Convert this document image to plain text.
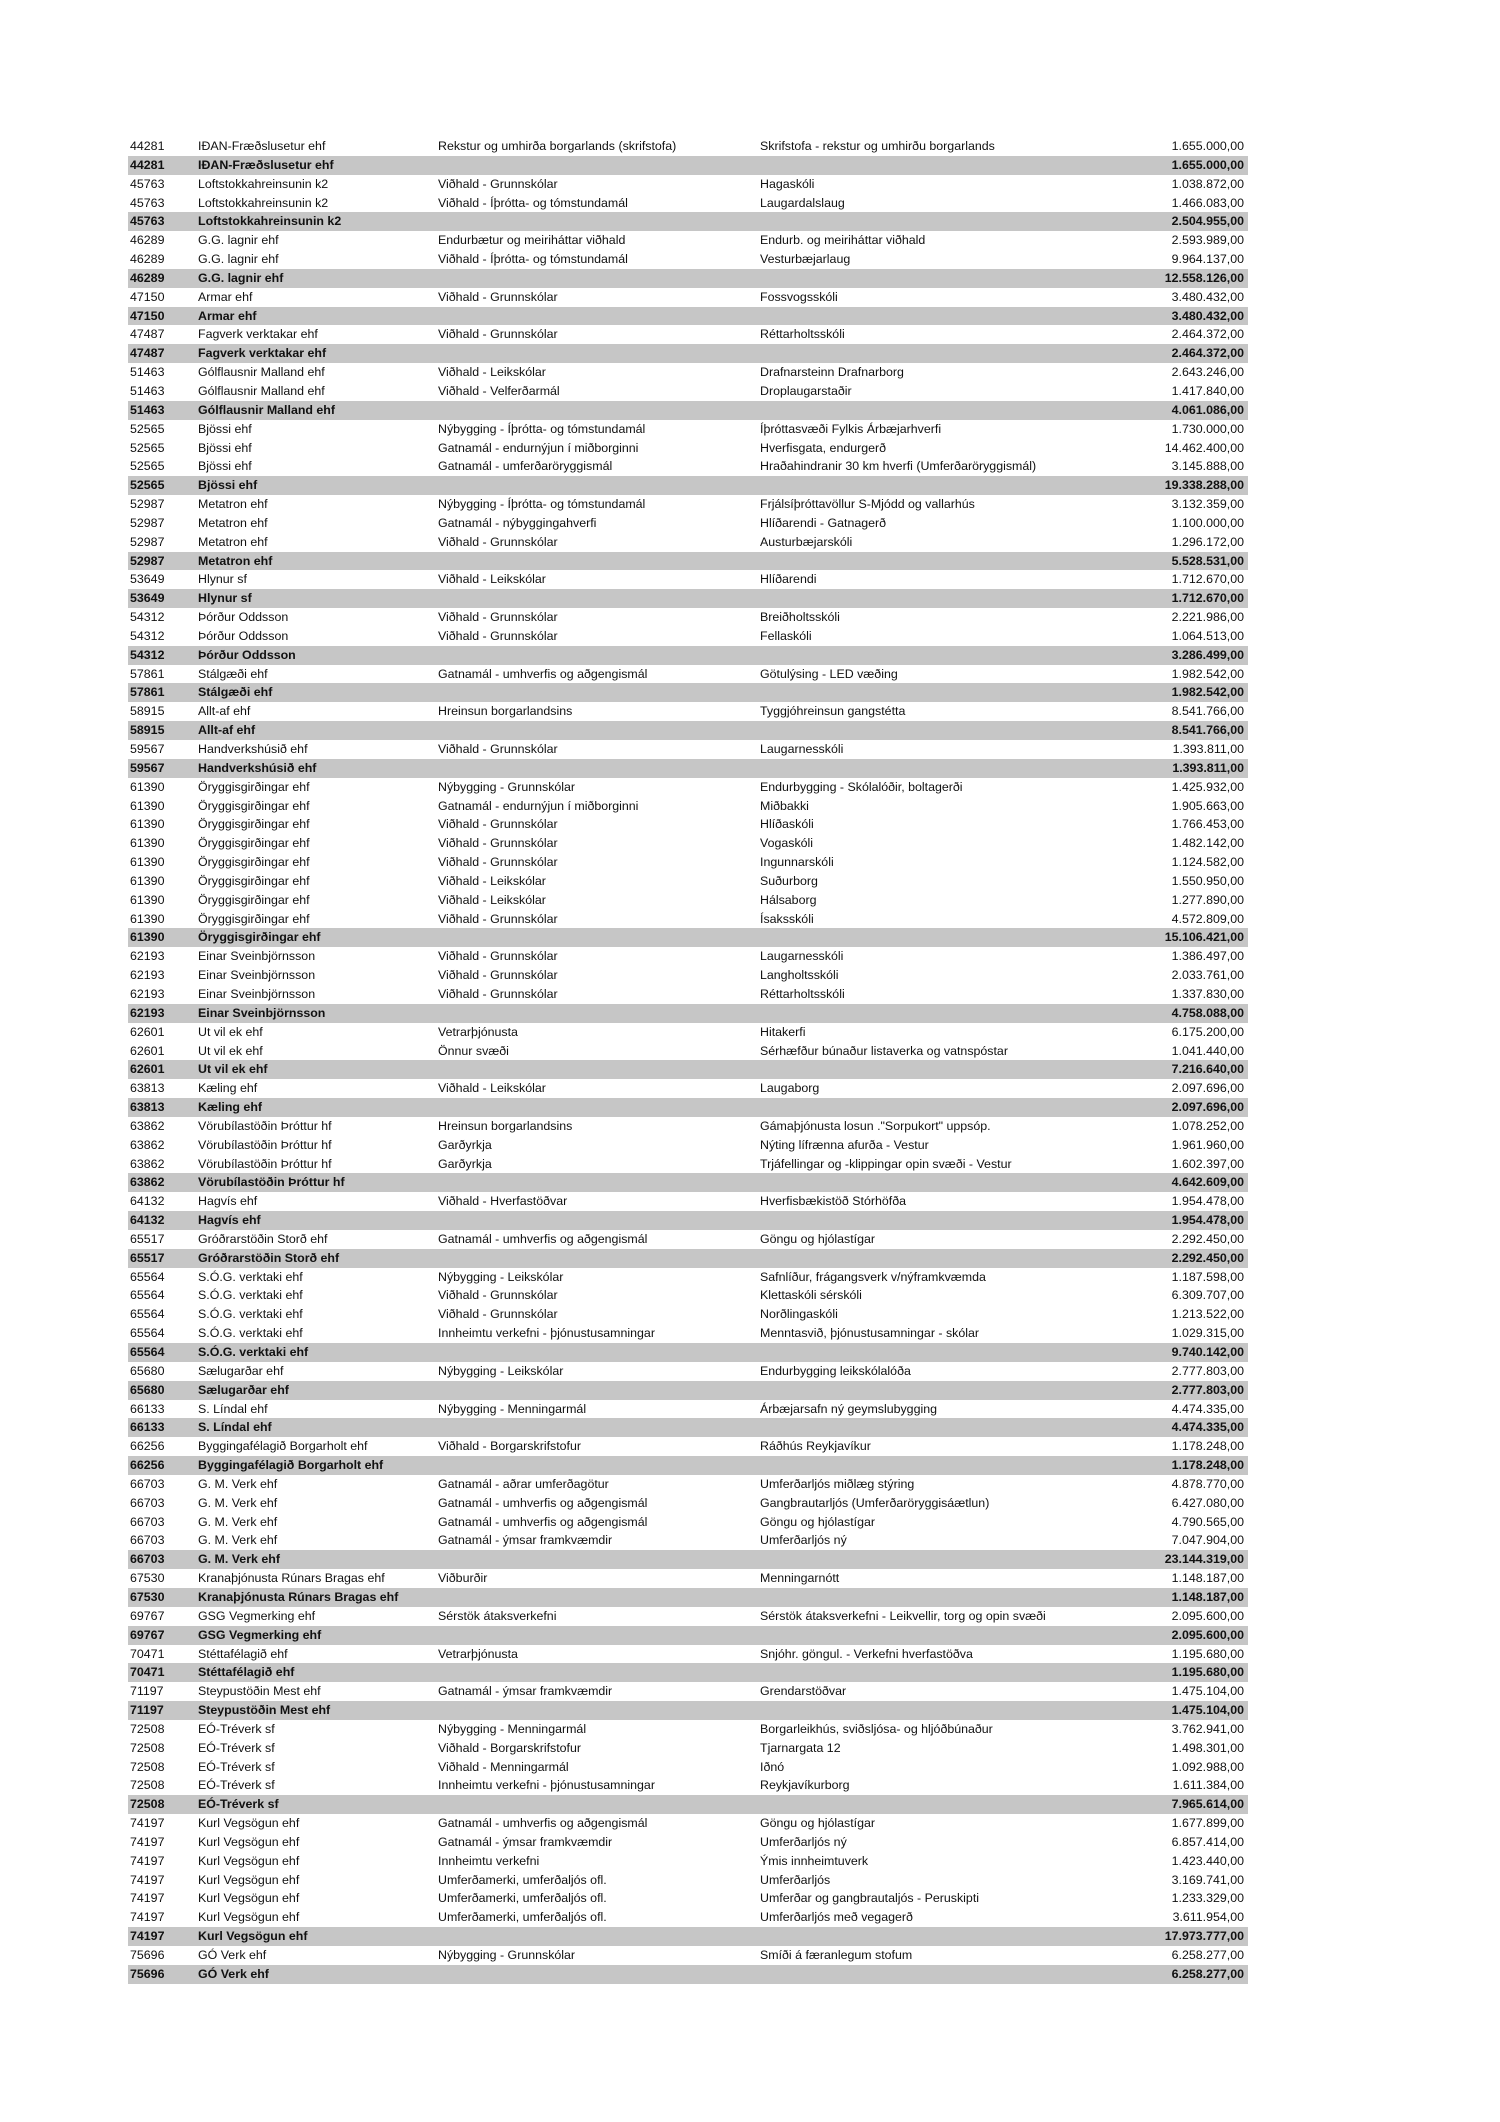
44281	IÐAN-Fræðslusetur ehf	Rekstur og umhirða borgarlands (skrifstofa)	Skrifstofa - rekstur og umhirðu borgarlands	1.655.000,00
44281	IÐAN-Fræðslusetur ehf			1.655.000,00
45763	Loftstokkahreinsunin k2	Viðhald - Grunnskólar	Hagaskóli	1.038.872,00
45763	Loftstokkahreinsunin k2	Viðhald - Íþrótta- og tómstundamál	Laugardalslaug	1.466.083,00
45763	Loftstokkahreinsunin k2			2.504.955,00
46289	G.G. lagnir ehf	Endurbætur og meiriháttar viðhald	Endurb. og meiriháttar viðhald	2.593.989,00
46289	G.G. lagnir ehf	Viðhald - Íþrótta- og tómstundamál	Vesturbæjarlaug	9.964.137,00
46289	G.G. lagnir ehf			12.558.126,00
47150	Armar ehf	Viðhald - Grunnskólar	Fossvogsskóli	3.480.432,00
47150	Armar ehf			3.480.432,00
47487	Fagverk verktakar ehf	Viðhald - Grunnskólar	Réttarholtsskóli	2.464.372,00
47487	Fagverk verktakar ehf			2.464.372,00
51463	Gólflausnir Malland ehf	Viðhald - Leikskólar	Drafnarsteinn Drafnarborg	2.643.246,00
51463	Gólflausnir Malland ehf	Viðhald - Velferðarmál	Droplaugarstaðir	1.417.840,00
51463	Gólflausnir Malland ehf			4.061.086,00
52565	Bjössi ehf	Nýbygging - Íþrótta- og tómstundamál	Íþróttasvæði Fylkis Árbæjarhverfi	1.730.000,00
52565	Bjössi ehf	Gatnamál - endurnýjun í miðborginni	Hverfisgata, endurgerð	14.462.400,00
52565	Bjössi ehf	Gatnamál - umferðaröryggismál	Hraðahindranir 30 km hverfi (Umferðaröryggismál)	3.145.888,00
52565	Bjössi ehf			19.338.288,00
52987	Metatron ehf	Nýbygging - Íþrótta- og tómstundamál	Frjálsíþróttavöllur S-Mjódd og vallarhús	3.132.359,00
52987	Metatron ehf	Gatnamál - nýbyggingahverfi	Hlíðarendi - Gatnagerð	1.100.000,00
52987	Metatron ehf	Viðhald - Grunnskólar	Austurbæjarskóli	1.296.172,00
52987	Metatron ehf			5.528.531,00
53649	Hlynur sf	Viðhald - Leikskólar	Hlíðarendi	1.712.670,00
53649	Hlynur sf			1.712.670,00
54312	Þórður Oddsson	Viðhald - Grunnskólar	Breiðholtsskóli	2.221.986,00
54312	Þórður Oddsson	Viðhald - Grunnskólar	Fellaskóli	1.064.513,00
54312	Þórður Oddsson			3.286.499,00
57861	Stálgæði ehf	Gatnamál - umhverfis og aðgengismál	Götulýsing - LED væðing	1.982.542,00
57861	Stálgæði ehf			1.982.542,00
58915	Allt-af ehf	Hreinsun borgarlandsins	Tyggjóhreinsun gangstétta	8.541.766,00
58915	Allt-af ehf			8.541.766,00
59567	Handverkshúsið ehf	Viðhald - Grunnskólar	Laugarnesskóli	1.393.811,00
59567	Handverkshúsið ehf			1.393.811,00
61390	Öryggisgirðingar ehf	Nýbygging - Grunnskólar	Endurbygging - Skólalóðir, boltagerði	1.425.932,00
61390	Öryggisgirðingar ehf	Gatnamál - endurnýjun í miðborginni	Miðbakki	1.905.663,00
61390	Öryggisgirðingar ehf	Viðhald - Grunnskólar	Hlíðaskóli	1.766.453,00
61390	Öryggisgirðingar ehf	Viðhald - Grunnskólar	Vogaskóli	1.482.142,00
61390	Öryggisgirðingar ehf	Viðhald - Grunnskólar	Ingunnarskóli	1.124.582,00
61390	Öryggisgirðingar ehf	Viðhald - Leikskólar	Suðurborg	1.550.950,00
61390	Öryggisgirðingar ehf	Viðhald - Leikskólar	Hálsaborg	1.277.890,00
61390	Öryggisgirðingar ehf	Viðhald - Grunnskólar	Ísaksskóli	4.572.809,00
61390	Öryggisgirðingar ehf			15.106.421,00
62193	Einar Sveinbjörnsson	Viðhald - Grunnskólar	Laugarnesskóli	1.386.497,00
62193	Einar Sveinbjörnsson	Viðhald - Grunnskólar	Langholtsskóli	2.033.761,00
62193	Einar Sveinbjörnsson	Viðhald - Grunnskólar	Réttarholtsskóli	1.337.830,00
62193	Einar Sveinbjörnsson			4.758.088,00
62601	Ut vil ek ehf	Vetrarþjónusta	Hitakerfi	6.175.200,00
62601	Ut vil ek ehf	Önnur svæði	Sérhæfður búnaður listaverka og vatnspóstar	1.041.440,00
62601	Ut vil ek ehf			7.216.640,00
63813	Kæling ehf	Viðhald - Leikskólar	Laugaborg	2.097.696,00
63813	Kæling ehf			2.097.696,00
63862	Vörubílastöðin Þróttur hf	Hreinsun borgarlandsins	Gámaþjónusta losun ."Sorpukort" uppsóp.	1.078.252,00
63862	Vörubílastöðin Þróttur hf	Garðyrkja	Nýting lífrænna afurða - Vestur	1.961.960,00
63862	Vörubílastöðin Þróttur hf	Garðyrkja	Trjáfellingar og -klippingar opin svæði - Vestur	1.602.397,00
63862	Vörubílastöðin Þróttur hf			4.642.609,00
64132	Hagvís ehf	Viðhald - Hverfastöðvar	Hverfisbækistöð Stórhöfða	1.954.478,00
64132	Hagvís ehf			1.954.478,00
65517	Gróðrarstöðin Storð ehf	Gatnamál - umhverfis og aðgengismál	Göngu og hjólastígar	2.292.450,00
65517	Gróðrarstöðin Storð ehf			2.292.450,00
65564	S.Ó.G. verktaki ehf	Nýbygging - Leikskólar	Safnlíður, frágangsverk v/nýframkvæmda	1.187.598,00
65564	S.Ó.G. verktaki ehf	Viðhald - Grunnskólar	Klettaskóli sérskóli	6.309.707,00
65564	S.Ó.G. verktaki ehf	Viðhald - Grunnskólar	Norðlingaskóli	1.213.522,00
65564	S.Ó.G. verktaki ehf	Innheimtu verkefni - þjónustusamningar	Menntasvið, þjónustusamningar - skólar	1.029.315,00
65564	S.Ó.G. verktaki ehf			9.740.142,00
65680	Sælugarðar ehf	Nýbygging - Leikskólar	Endurbygging leikskólalóða	2.777.803,00
65680	Sælugarðar ehf			2.777.803,00
66133	S. Líndal ehf	Nýbygging - Menningarmál	Árbæjarsafn ný geymslubygging	4.474.335,00
66133	S. Líndal ehf			4.474.335,00
66256	Byggingafélagið Borgarholt ehf	Viðhald - Borgarskrifstofur	Ráðhús Reykjavíkur	1.178.248,00
66256	Byggingafélagið Borgarholt ehf			1.178.248,00
66703	G. M. Verk ehf	Gatnamál - aðrar umferðagötur	Umferðarljós miðlæg stýring	4.878.770,00
66703	G. M. Verk ehf	Gatnamál - umhverfis og aðgengismál	Gangbrautarljós (Umferðaröryggisáætlun)	6.427.080,00
66703	G. M. Verk ehf	Gatnamál - umhverfis og aðgengismál	Göngu og hjólastígar	4.790.565,00
66703	G. M. Verk ehf	Gatnamál - ýmsar framkvæmdir	Umferðarljós ný	7.047.904,00
66703	G. M. Verk ehf			23.144.319,00
67530	Kranaþjónusta Rúnars Bragas ehf	Viðburðir	Menningarnótt	1.148.187,00
67530	Kranaþjónusta Rúnars Bragas ehf			1.148.187,00
69767	GSG Vegmerking ehf	Sérstök átaksverkefni	Sérstök átaksverkefni - Leikvellir, torg og opin svæði	2.095.600,00
69767	GSG Vegmerking ehf			2.095.600,00
70471	Stéttafélagið ehf	Vetrarþjónusta	Snjóhr. göngul. - Verkefni hverfastöðva	1.195.680,00
70471	Stéttafélagið ehf			1.195.680,00
71197	Steypustöðin Mest ehf	Gatnamál - ýmsar framkvæmdir	Grendarstöðvar	1.475.104,00
71197	Steypustöðin Mest ehf			1.475.104,00
72508	EÓ-Tréverk sf	Nýbygging - Menningarmál	Borgarleikhús, sviðsljósa- og hljóðbúnaður	3.762.941,00
72508	EÓ-Tréverk sf	Viðhald - Borgarskrifstofur	Tjarnargata 12	1.498.301,00
72508	EÓ-Tréverk sf	Viðhald - Menningarmál	Iðnó	1.092.988,00
72508	EÓ-Tréverk sf	Innheimtu verkefni - þjónustusamningar	Reykjavíkurborg	1.611.384,00
72508	EÓ-Tréverk sf			7.965.614,00
74197	Kurl Vegsögun ehf	Gatnamál - umhverfis og aðgengismál	Göngu og hjólastígar	1.677.899,00
74197	Kurl Vegsögun ehf	Gatnamál - ýmsar framkvæmdir	Umferðarljós ný	6.857.414,00
74197	Kurl Vegsögun ehf	Innheimtu verkefni	Ýmis innheimtuverk	1.423.440,00
74197	Kurl Vegsögun ehf	Umferðamerki, umferðaljós ofl.	Umferðarljós	3.169.741,00
74197	Kurl Vegsögun ehf	Umferðamerki, umferðaljós ofl.	Umferðar og gangbrautaljós - Peruskipti	1.233.329,00
74197	Kurl Vegsögun ehf	Umferðamerki, umferðaljós ofl.	Umferðarljós með vegagerð	3.611.954,00
74197	Kurl Vegsögun ehf			17.973.777,00
75696	GÓ Verk ehf	Nýbygging - Grunnskólar	Smíði á færanlegum stofum	6.258.277,00
75696	GÓ Verk ehf			6.258.277,00
